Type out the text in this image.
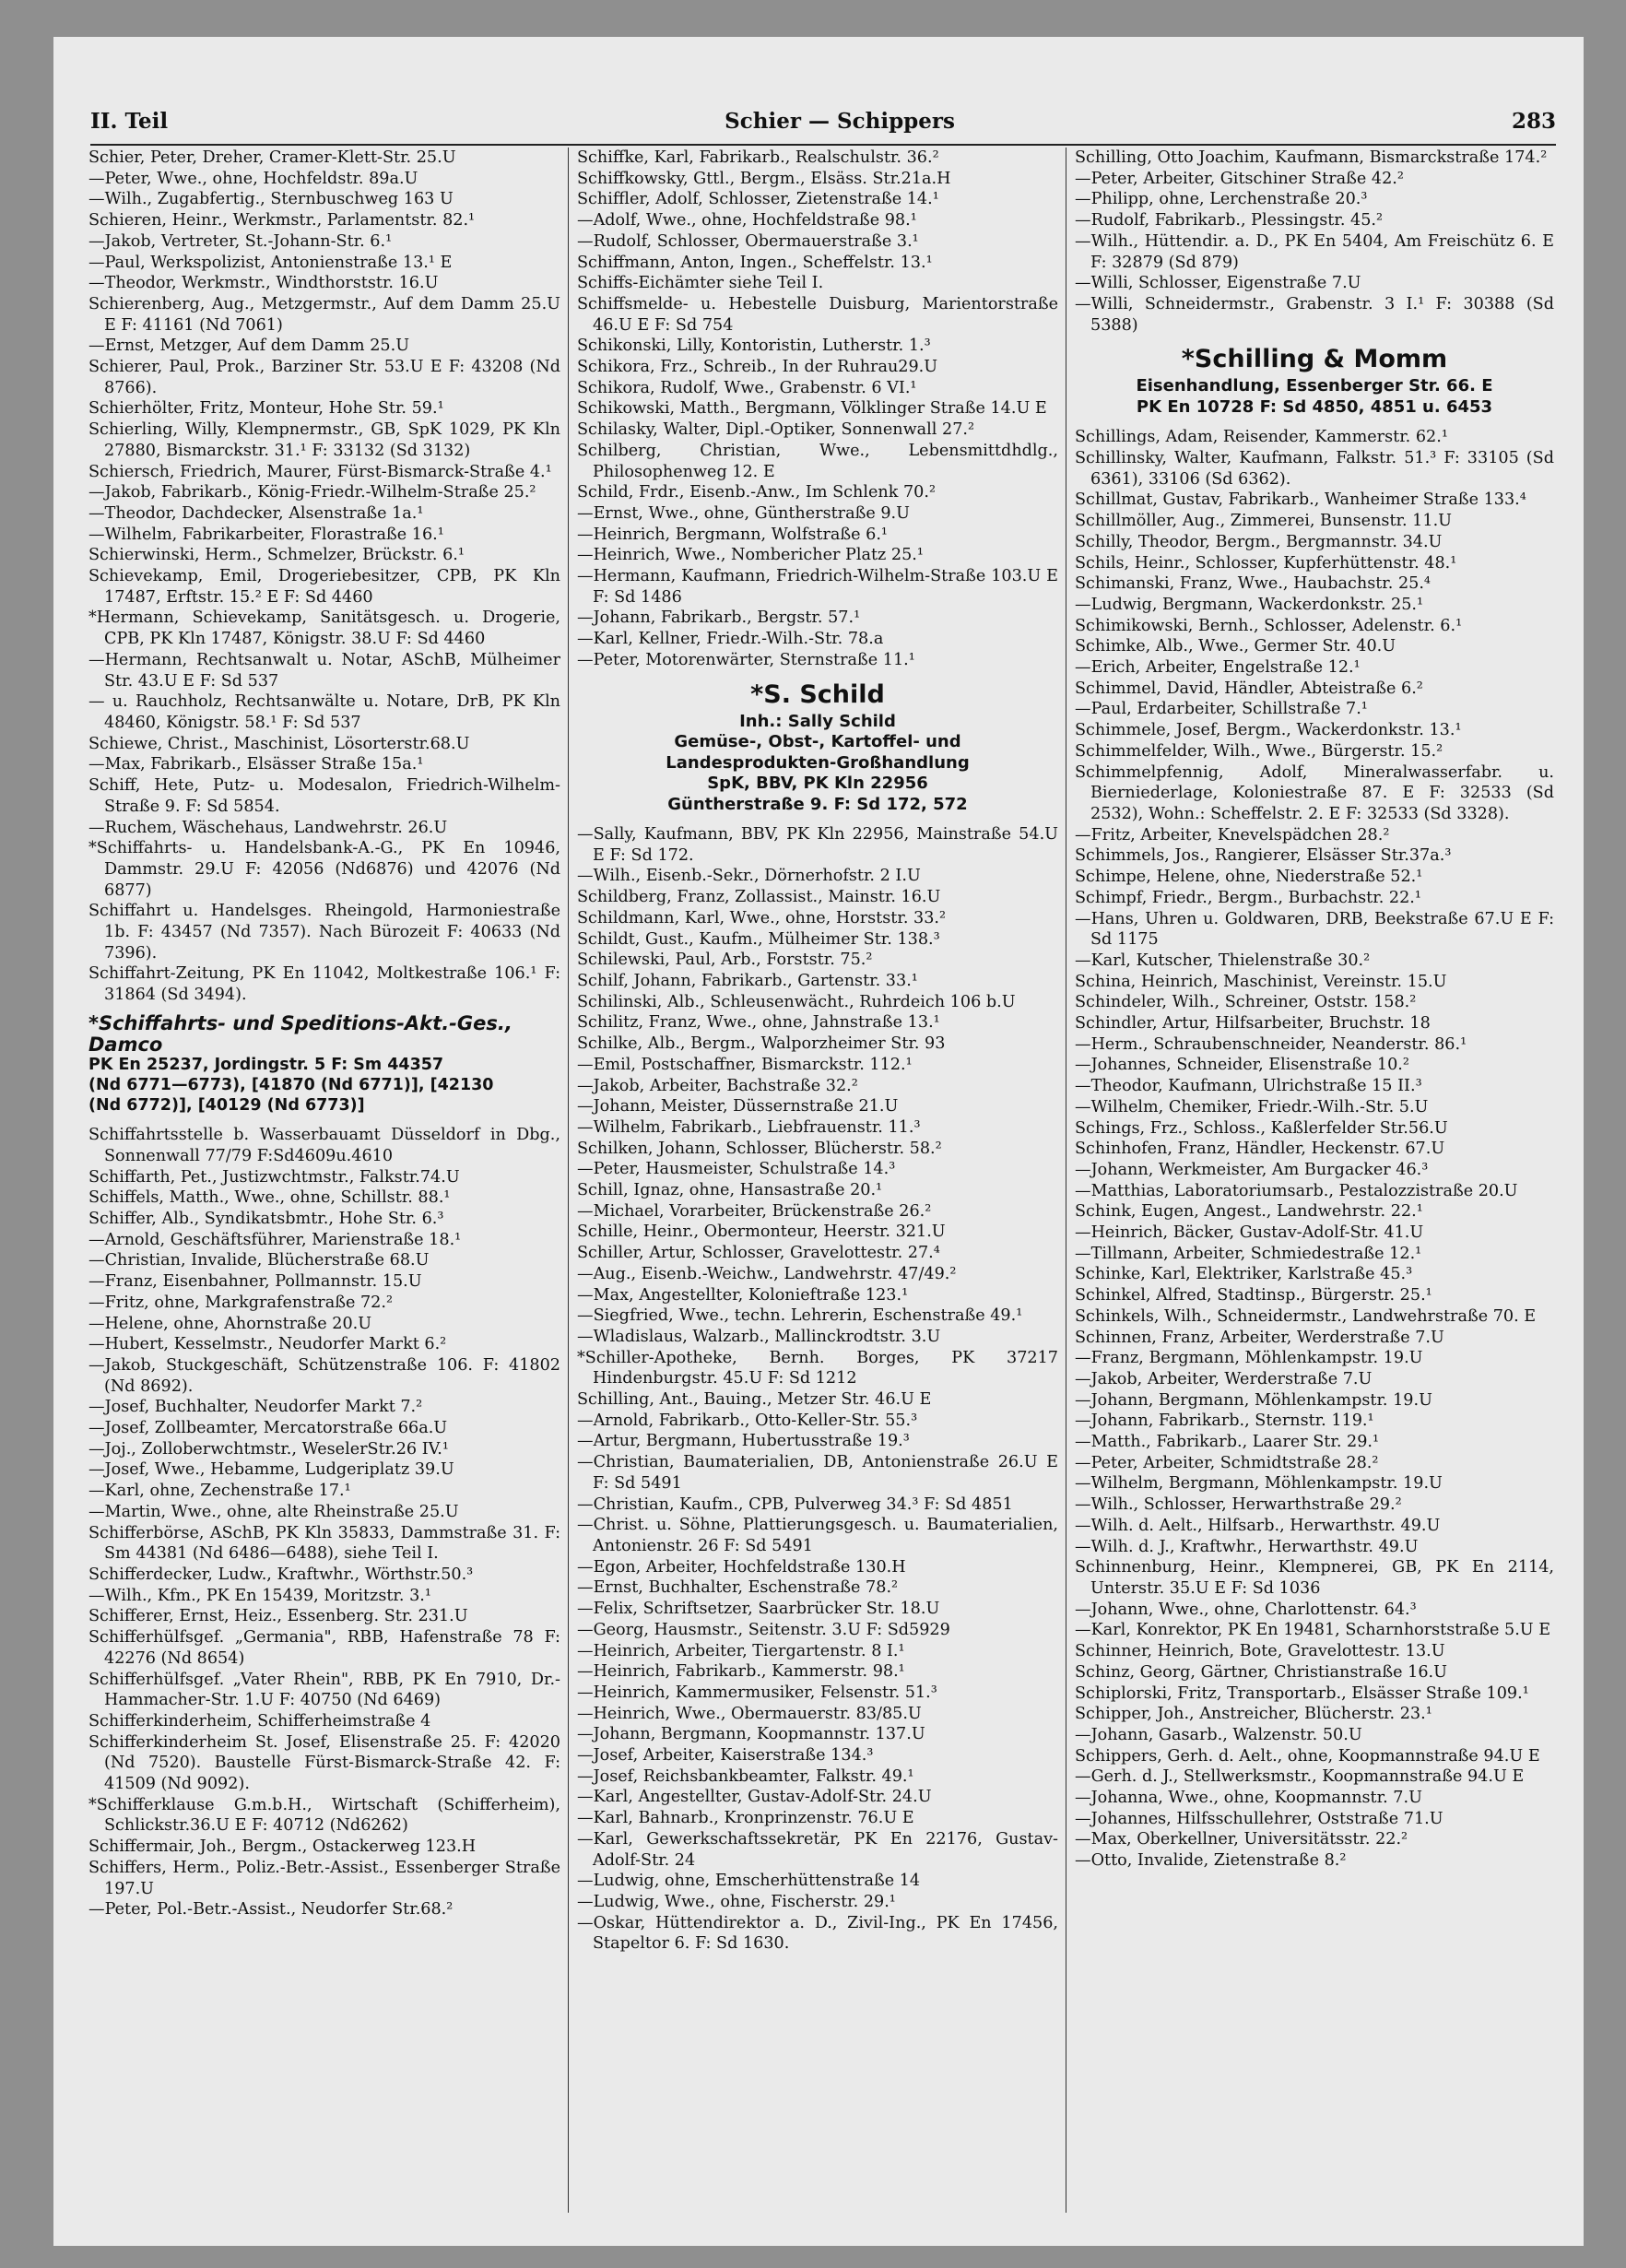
II. Teil	Schier — Schippers	283
Schier, Peter, Dreher, Cramer-Klett-Str. 25.U
—Peter, Wwe., ohne, Hochfeldstr. 89a.U
—Wilh., Zugabfertig., Sternbuschweg 163 U
Schieren, Heinr., Werkmstr., Parlamentstr. 82.¹
—Jakob, Vertreter, St.-Johann-Str. 6.¹
—Paul, Werkspolizist, Antonienstraße 13.¹ E
—Theodor, Werkmstr., Windthorststr. 16.U
Schierenberg, Aug., Metzgermstr., Auf dem Damm 25.U E F: 41161 (Nd 7061)
—Ernst, Metzger, Auf dem Damm 25.U
Schierer, Paul, Prok., Barziner Str. 53.U E F: 43208 (Nd 8766).
Schierhölter, Fritz, Monteur, Hohe Str. 59.¹
Schierling, Willy, Klempnermstr., GB, SpK 1029, PK Kln 27880, Bismarckstr. 31.¹ F: 33132 (Sd 3132)
Schiersch, Friedrich, Maurer, Fürst-Bismarck-Straße 4.¹
—Jakob, Fabrikarb., König-Friedr.-Wilhelm-Straße 25.²
—Theodor, Dachdecker, Alsenstraße 1a.¹
—Wilhelm, Fabrikarbeiter, Florastraße 16.¹
Schierwinski, Herm., Schmelzer, Brückstr. 6.¹
Schievekamp, Emil, Drogeriebesitzer, CPB, PK Kln 17487, Erftstr. 15.² E F: Sd 4460
*Hermann, Schievekamp, Sanitätsgesch. u. Drogerie, CPB, PK Kln 17487, Königstr. 38.U F: Sd 4460
—Hermann, Rechtsanwalt u. Notar, ASchB, Mülheimer Str. 43.U E F: Sd 537
— u. Rauchholz, Rechtsanwälte u. Notare, DrB, PK Kln 48460, Königstr. 58.¹ F: Sd 537
Schiewe, Christ., Maschinist, Lösorterstr.68.U
—Max, Fabrikarb., Elsässer Straße 15a.¹
Schiff, Hete, Putz- u. Modesalon, Friedrich-Wilhelm-Straße 9. F: Sd 5854.
—Ruchem, Wäschehaus, Landwehrstr. 26.U
*Schiffahrts- u. Handelsbank-A.-G., PK En 10946, Dammstr. 29.U F: 42056 (Nd6876) und 42076 (Nd 6877)
Schiffahrt u. Handelsges. Rheingold, Harmoniestraße 1b. F: 43457 (Nd 7357). Nach Bürozeit F: 40633 (Nd 7396).
Schiffahrt-Zeitung, PK En 11042, Moltkestraße 106.¹ F: 31864 (Sd 3494).
*Schiffahrts- und Speditions-Akt.-Ges., Damco
PK En 25237, Jordingstr. 5 F: Sm 44357
(Nd 6771—6773), [41870 (Nd 6771)], [42130
(Nd 6772)], [40129 (Nd 6773)]
Schiffahrtsstelle b. Wasserbauamt Düsseldorf in Dbg., Sonnenwall 77/79 F:Sd4609u.4610
Schiffarth, Pet., Justizwchtmstr., Falkstr.74.U
Schiffels, Matth., Wwe., ohne, Schillstr. 88.¹
Schiffer, Alb., Syndikatsbmtr., Hohe Str. 6.³
—Arnold, Geschäftsführer, Marienstraße 18.¹
—Christian, Invalide, Blücherstraße 68.U
—Franz, Eisenbahner, Pollmannstr. 15.U
—Fritz, ohne, Markgrafenstraße 72.²
—Helene, ohne, Ahornstraße 20.U
—Hubert, Kesselmstr., Neudorfer Markt 6.²
—Jakob, Stuckgeschäft, Schützenstraße 106. F: 41802 (Nd 8692).
—Josef, Buchhalter, Neudorfer Markt 7.²
—Josef, Zollbeamter, Mercatorstraße 66a.U
—Joj., Zolloberwchtmstr., WeselerStr.26 IV.¹
—Josef, Wwe., Hebamme, Ludgeriplatz 39.U
—Karl, ohne, Zechenstraße 17.¹
—Martin, Wwe., ohne, alte Rheinstraße 25.U
Schifferbörse, ASchB, PK Kln 35833, Dammstraße 31. F: Sm 44381 (Nd 6486—6488), siehe Teil I.
Schifferdecker, Ludw., Kraftwhr., Wörthstr.50.³
—Wilh., Kfm., PK En 15439, Moritzstr. 3.¹
Schifferer, Ernst, Heiz., Essenberg. Str. 231.U
Schifferhülfsgef. „Germania", RBB, Hafenstraße 78 F: 42276 (Nd 8654)
Schifferhülfsgef. „Vater Rhein", RBB, PK En 7910, Dr.-Hammacher-Str. 1.U F: 40750 (Nd 6469)
Schifferkinderheim, Schifferheimstraße 4
Schifferkinderheim St. Josef, Elisenstraße 25. F: 42020 (Nd 7520). Baustelle Fürst-Bismarck-Straße 42. F: 41509 (Nd 9092).
*Schifferklause G.m.b.H., Wirtschaft (Schifferheim), Schlickstr.36.U E F: 40712 (Nd6262)
Schiffermair, Joh., Bergm., Ostackerweg 123.H
Schiffers, Herm., Poliz.-Betr.-Assist., Essenberger Straße 197.U
—Peter, Pol.-Betr.-Assist., Neudorfer Str.68.²
Schiffke, Karl, Fabrikarb., Realschulstr. 36.²
Schiffkowsky, Gttl., Bergm., Elsäss. Str.21a.H
Schiffler, Adolf, Schlosser, Zietenstraße 14.¹
—Adolf, Wwe., ohne, Hochfeldstraße 98.¹
—Rudolf, Schlosser, Obermauerstraße 3.¹
Schiffmann, Anton, Ingen., Scheffelstr. 13.¹
Schiffs-Eichämter siehe Teil I.
Schiffsmelde- u. Hebestelle Duisburg, Marientorstraße 46.U E F: Sd 754
Schikonski, Lilly, Kontoristin, Lutherstr. 1.³
Schikora, Frz., Schreib., In der Ruhrau29.U
Schikora, Rudolf, Wwe., Grabenstr. 6 VI.¹
Schikowski, Matth., Bergmann, Völklinger Straße 14.U E
Schilasky, Walter, Dipl.-Optiker, Sonnenwall 27.²
Schilberg, Christian, Wwe., Lebensmittdhdlg., Philosophenweg 12. E
Schild, Frdr., Eisenb.-Anw., Im Schlenk 70.²
—Ernst, Wwe., ohne, Güntherstraße 9.U
—Heinrich, Bergmann, Wolfstraße 6.¹
—Heinrich, Wwe., Nombericher Platz 25.¹
—Hermann, Kaufmann, Friedrich-Wilhelm-Straße 103.U E F: Sd 1486
—Johann, Fabrikarb., Bergstr. 57.¹
—Karl, Kellner, Friedr.-Wilh.-Str. 78.a
—Peter, Motorenwärter, Sternstraße 11.¹
*S. Schild
Inh.: Sally Schild
Gemüse-, Obst-, Kartoffel- und
Landesprodukten-Großhandlung
SpK, BBV, PK Kln 22956
Güntherstraße 9. F: Sd 172, 572
—Sally, Kaufmann, BBV, PK Kln 22956, Mainstraße 54.U E F: Sd 172.
—Wilh., Eisenb.-Sekr., Dörnerhofstr. 2 I.U
Schildberg, Franz, Zollassist., Mainstr. 16.U
Schildmann, Karl, Wwe., ohne, Horststr. 33.²
Schildt, Gust., Kaufm., Mülheimer Str. 138.³
Schilewski, Paul, Arb., Forststr. 75.²
Schilf, Johann, Fabrikarb., Gartenstr. 33.¹
Schilinski, Alb., Schleusenwächt., Ruhrdeich 106 b.U
Schilitz, Franz, Wwe., ohne, Jahnstraße 13.¹
Schilke, Alb., Bergm., Walporzheimer Str. 93
—Emil, Postschaffner, Bismarckstr. 112.¹
—Jakob, Arbeiter, Bachstraße 32.²
—Johann, Meister, Düssernstraße 21.U
—Wilhelm, Fabrikarb., Liebfrauenstr. 11.³
Schilken, Johann, Schlosser, Blücherstr. 58.²
—Peter, Hausmeister, Schulstraße 14.³
Schill, Ignaz, ohne, Hansastraße 20.¹
—Michael, Vorarbeiter, Brückenstraße 26.²
Schille, Heinr., Obermonteur, Heerstr. 321.U
Schiller, Artur, Schlosser, Gravelottestr. 27.⁴
—Aug., Eisenb.-Weichw., Landwehrstr. 47/49.²
—Max, Angestellter, Kolonieftraße 123.¹
—Siegfried, Wwe., techn. Lehrerin, Eschenstraße 49.¹
—Wladislaus, Walzarb., Mallinckrodtstr. 3.U
*Schiller-Apotheke, Bernh. Borges, PK 37217 Hindenburgstr. 45.U F: Sd 1212
Schilling, Ant., Bauing., Metzer Str. 46.U E
—Arnold, Fabrikarb., Otto-Keller-Str. 55.³
—Artur, Bergmann, Hubertusstraße 19.³
—Christian, Baumaterialien, DB, Antonienstraße 26.U E F: Sd 5491
—Christian, Kaufm., CPB, Pulverweg 34.³ F: Sd 4851
—Christ. u. Söhne, Plattierungsgesch. u. Baumaterialien, Antonienstr. 26 F: Sd 5491
—Egon, Arbeiter, Hochfeldstraße 130.H
—Ernst, Buchhalter, Eschenstraße 78.²
—Felix, Schriftsetzer, Saarbrücker Str. 18.U
—Georg, Hausmstr., Seitenstr. 3.U F: Sd5929
—Heinrich, Arbeiter, Tiergartenstr. 8 I.¹
—Heinrich, Fabrikarb., Kammerstr. 98.¹
—Heinrich, Kammermusiker, Felsenstr. 51.³
—Heinrich, Wwe., Obermauerstr. 83/85.U
—Johann, Bergmann, Koopmannstr. 137.U
—Josef, Arbeiter, Kaiserstraße 134.³
—Josef, Reichsbankbeamter, Falkstr. 49.¹
—Karl, Angestellter, Gustav-Adolf-Str. 24.U
—Karl, Bahnarb., Kronprinzenstr. 76.U E
—Karl, Gewerkschaftssekretär, PK En 22176, Gustav-Adolf-Str. 24
—Ludwig, ohne, Emscherhüttenstraße 14
—Ludwig, Wwe., ohne, Fischerstr. 29.¹
—Oskar, Hüttendirektor a. D., Zivil-Ing., PK En 17456, Stapeltor 6. F: Sd 1630.
Schilling, Otto Joachim, Kaufmann, Bismarckstraße 174.²
—Peter, Arbeiter, Gitschiner Straße 42.²
—Philipp, ohne, Lerchenstraße 20.³
—Rudolf, Fabrikarb., Plessingstr. 45.²
—Wilh., Hüttendir. a. D., PK En 5404, Am Freischütz 6. E F: 32879 (Sd 879)
—Willi, Schlosser, Eigenstraße 7.U
—Willi, Schneidermstr., Grabenstr. 3 I.¹ F: 30388 (Sd 5388)
*Schilling & Momm
Eisenhandlung, Essenberger Str. 66. E
PK En 10728 F: Sd 4850, 4851 u. 6453
Schillings, Adam, Reisender, Kammerstr. 62.¹
Schillinsky, Walter, Kaufmann, Falkstr. 51.³ F: 33105 (Sd 6361), 33106 (Sd 6362).
Schillmat, Gustav, Fabrikarb., Wanheimer Straße 133.⁴
Schillmöller, Aug., Zimmerei, Bunsenstr. 11.U
Schilly, Theodor, Bergm., Bergmannstr. 34.U
Schils, Heinr., Schlosser, Kupferhüttenstr. 48.¹
Schimanski, Franz, Wwe., Haubachstr. 25.⁴
—Ludwig, Bergmann, Wackerdonkstr. 25.¹
Schimikowski, Bernh., Schlosser, Adelenstr. 6.¹
Schimke, Alb., Wwe., Germer Str. 40.U
—Erich, Arbeiter, Engelstraße 12.¹
Schimmel, David, Händler, Abteistraße 6.²
—Paul, Erdarbeiter, Schillstraße 7.¹
Schimmele, Josef, Bergm., Wackerdonkstr. 13.¹
Schimmelfelder, Wilh., Wwe., Bürgerstr. 15.²
Schimmelpfennig, Adolf, Mineralwasserfabr. u. Bierniederlage, Koloniestraße 87. E F: 32533 (Sd 2532), Wohn.: Scheffelstr. 2. E F: 32533 (Sd 3328).
—Fritz, Arbeiter, Knevelspädchen 28.²
Schimmels, Jos., Rangierer, Elsässer Str.37a.³
Schimpe, Helene, ohne, Niederstraße 52.¹
Schimpf, Friedr., Bergm., Burbachstr. 22.¹
—Hans, Uhren u. Goldwaren, DRB, Beekstraße 67.U E F: Sd 1175
—Karl, Kutscher, Thielenstraße 30.²
Schina, Heinrich, Maschinist, Vereinstr. 15.U
Schindeler, Wilh., Schreiner, Oststr. 158.²
Schindler, Artur, Hilfsarbeiter, Bruchstr. 18
—Herm., Schraubenschneider, Neanderstr. 86.¹
—Johannes, Schneider, Elisenstraße 10.²
—Theodor, Kaufmann, Ulrichstraße 15 II.³
—Wilhelm, Chemiker, Friedr.-Wilh.-Str. 5.U
Schings, Frz., Schloss., Kaßlerfelder Str.56.U
Schinhofen, Franz, Händler, Heckenstr. 67.U
—Johann, Werkmeister, Am Burgacker 46.³
—Matthias, Laboratoriumsarb., Pestalozzistraße 20.U
Schink, Eugen, Angest., Landwehrstr. 22.¹
—Heinrich, Bäcker, Gustav-Adolf-Str. 41.U
—Tillmann, Arbeiter, Schmiedestraße 12.¹
Schinke, Karl, Elektriker, Karlstraße 45.³
Schinkel, Alfred, Stadtinsp., Bürgerstr. 25.¹
Schinkels, Wilh., Schneidermstr., Landwehrstraße 70. E
Schinnen, Franz, Arbeiter, Werderstraße 7.U
—Franz, Bergmann, Möhlenkampstr. 19.U
—Jakob, Arbeiter, Werderstraße 7.U
—Johann, Bergmann, Möhlenkampstr. 19.U
—Johann, Fabrikarb., Sternstr. 119.¹
—Matth., Fabrikarb., Laarer Str. 29.¹
—Peter, Arbeiter, Schmidtstraße 28.²
—Wilhelm, Bergmann, Möhlenkampstr. 19.U
—Wilh., Schlosser, Herwarthstraße 29.²
—Wilh. d. Aelt., Hilfsarb., Herwarthstr. 49.U
—Wilh. d. J., Kraftwhr., Herwarthstr. 49.U
Schinnenburg, Heinr., Klempnerei, GB, PK En 2114, Unterstr. 35.U E F: Sd 1036
—Johann, Wwe., ohne, Charlottenstr. 64.³
—Karl, Konrektor, PK En 19481, Scharnhorststraße 5.U E
Schinner, Heinrich, Bote, Gravelottestr. 13.U
Schinz, Georg, Gärtner, Christianstraße 16.U
Schiplorski, Fritz, Transportarb., Elsässer Straße 109.¹
Schipper, Joh., Anstreicher, Blücherstr. 23.¹
—Johann, Gasarb., Walzenstr. 50.U
Schippers, Gerh. d. Aelt., ohne, Koopmannstraße 94.U E
—Gerh. d. J., Stellwerksmstr., Koopmannstraße 94.U E
—Johanna, Wwe., ohne, Koopmannstr. 7.U
—Johannes, Hilfsschullehrer, Oststraße 71.U
—Max, Oberkellner, Universitätsstr. 22.²
—Otto, Invalide, Zietenstraße 8.²
